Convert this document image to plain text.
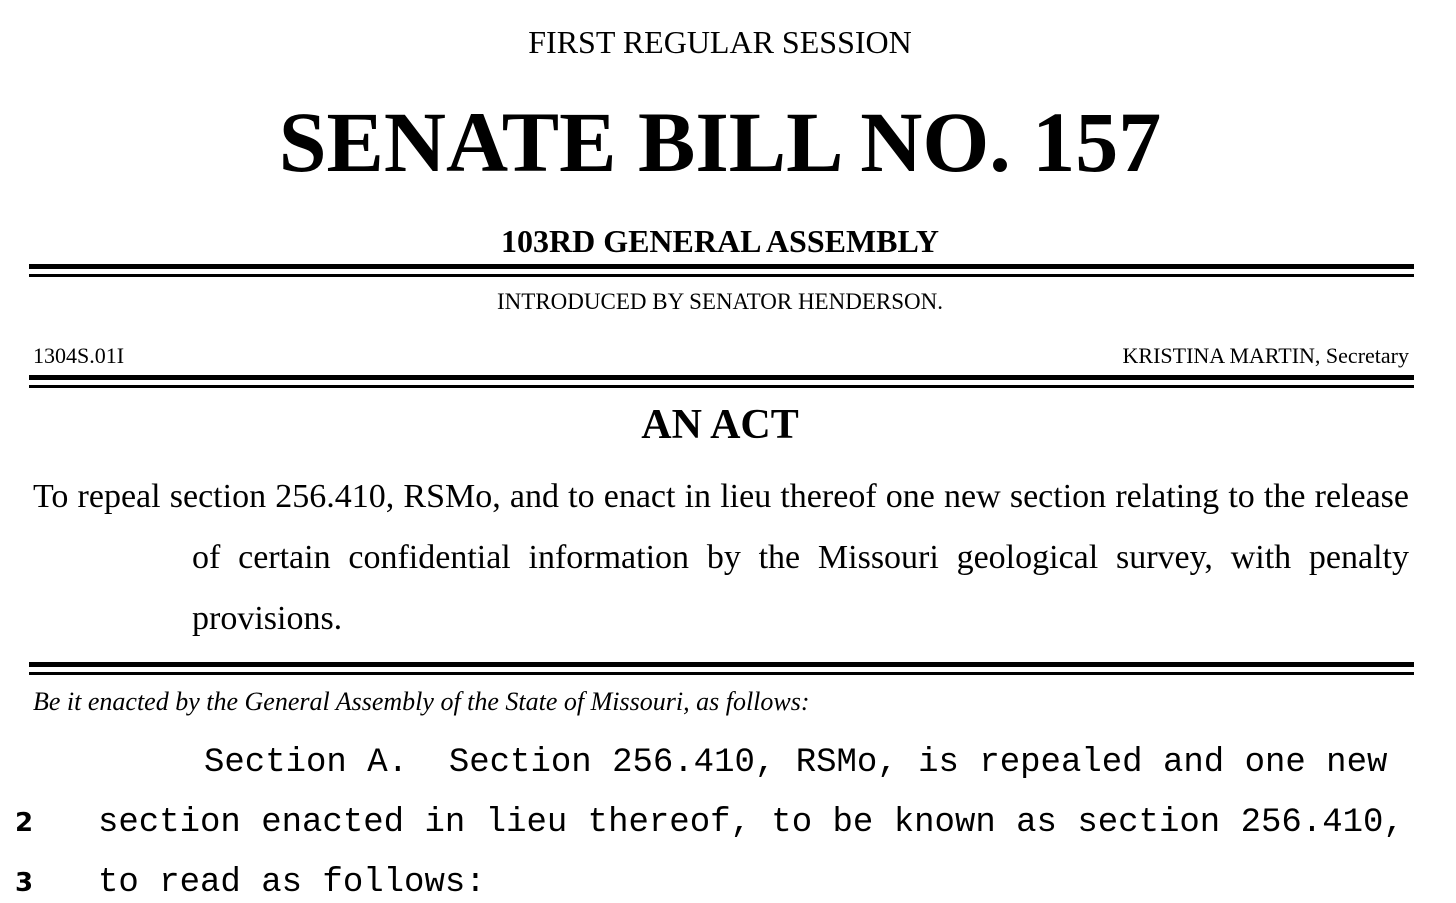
FIRST REGULAR SESSION
SENATE BILL NO. 157
103RD GENERAL ASSEMBLY
INTRODUCED BY SENATOR HENDERSON.
1304S.01I	KRISTINA MARTIN, Secretary
AN ACT

To repeal section 256.410, RSMo, and to enact in lieu thereof one new section relating to the release of certain confidential information by the Missouri geological survey, with penalty provisions.

Be it enacted by the General Assembly of the State of Missouri, as follows:
Section A.  Section 256.410, RSMo, is repealed and one new
2	section enacted in lieu thereof, to be known as section 256.410,
3	to read as follows:
